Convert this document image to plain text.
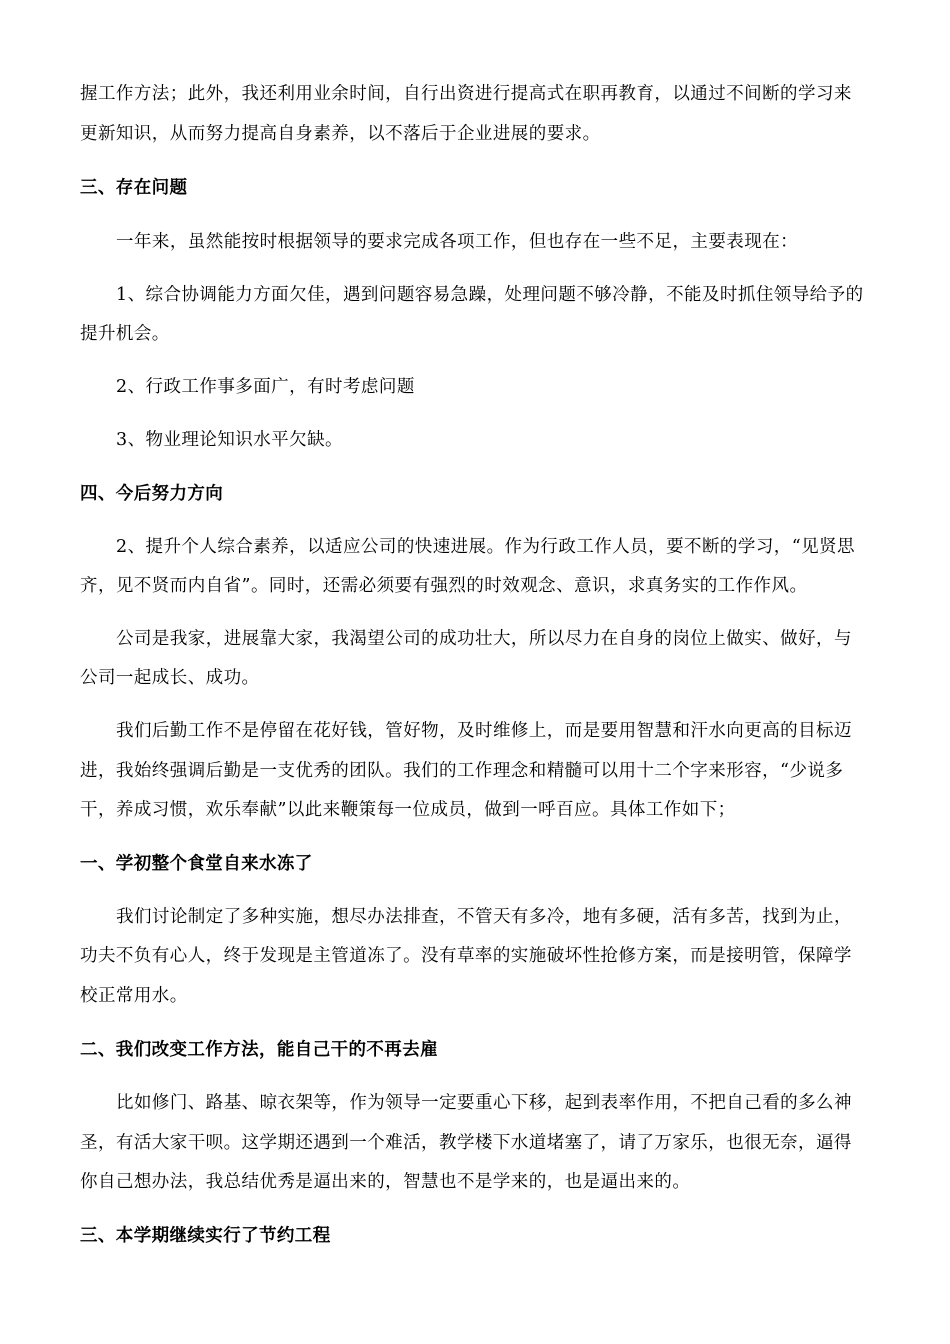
握工作方法；此外，我还利用业余时间，自行出资进行提高式在职再教育，以通过不间断的学习来
更新知识，从而努力提高自身素养，以不落后于企业进展的要求。
三、存在问题
一年来，虽然能按时根据领导的要求完成各项工作，但也存在一些不足，主要表现在：
1、综合协调能力方面欠佳，遇到问题容易急躁，处理问题不够冷静，不能及时抓住领导给予的
提升机会。
2、行政工作事多面广，有时考虑问题
3、物业理论知识水平欠缺。
四、今后努力方向
2、提升个人综合素养，以适应公司的快速进展。作为行政工作人员，要不断的学习，“见贤思
齐，见不贤而内自省”。同时，还需必须要有强烈的时效观念、意识，求真务实的工作作风。
公司是我家，进展靠大家，我渴望公司的成功壮大，所以尽力在自身的岗位上做实、做好，与
公司一起成长、成功。
我们后勤工作不是停留在花好钱，管好物，及时维修上，而是要用智慧和汗水向更高的目标迈
进，我始终强调后勤是一支优秀的团队。我们的工作理念和精髓可以用十二个字来形容，“少说多
干，养成习惯，欢乐奉献”以此来鞭策每一位成员，做到一呼百应。具体工作如下；
一、学初整个食堂自来水冻了
我们讨论制定了多种实施，想尽办法排查，不管天有多冷，地有多硬，活有多苦，找到为止，
功夫不负有心人，终于发现是主管道冻了。没有草率的实施破坏性抢修方案，而是接明管，保障学
校正常用水。
二、我们改变工作方法，能自己干的不再去雇
比如修门、路基、晾衣架等，作为领导一定要重心下移，起到表率作用，不把自己看的多么神
圣，有活大家干呗。这学期还遇到一个难活，教学楼下水道堵塞了，请了万家乐，也很无奈，逼得
你自己想办法，我总结优秀是逼出来的，智慧也不是学来的，也是逼出来的。
三、本学期继续实行了节约工程
